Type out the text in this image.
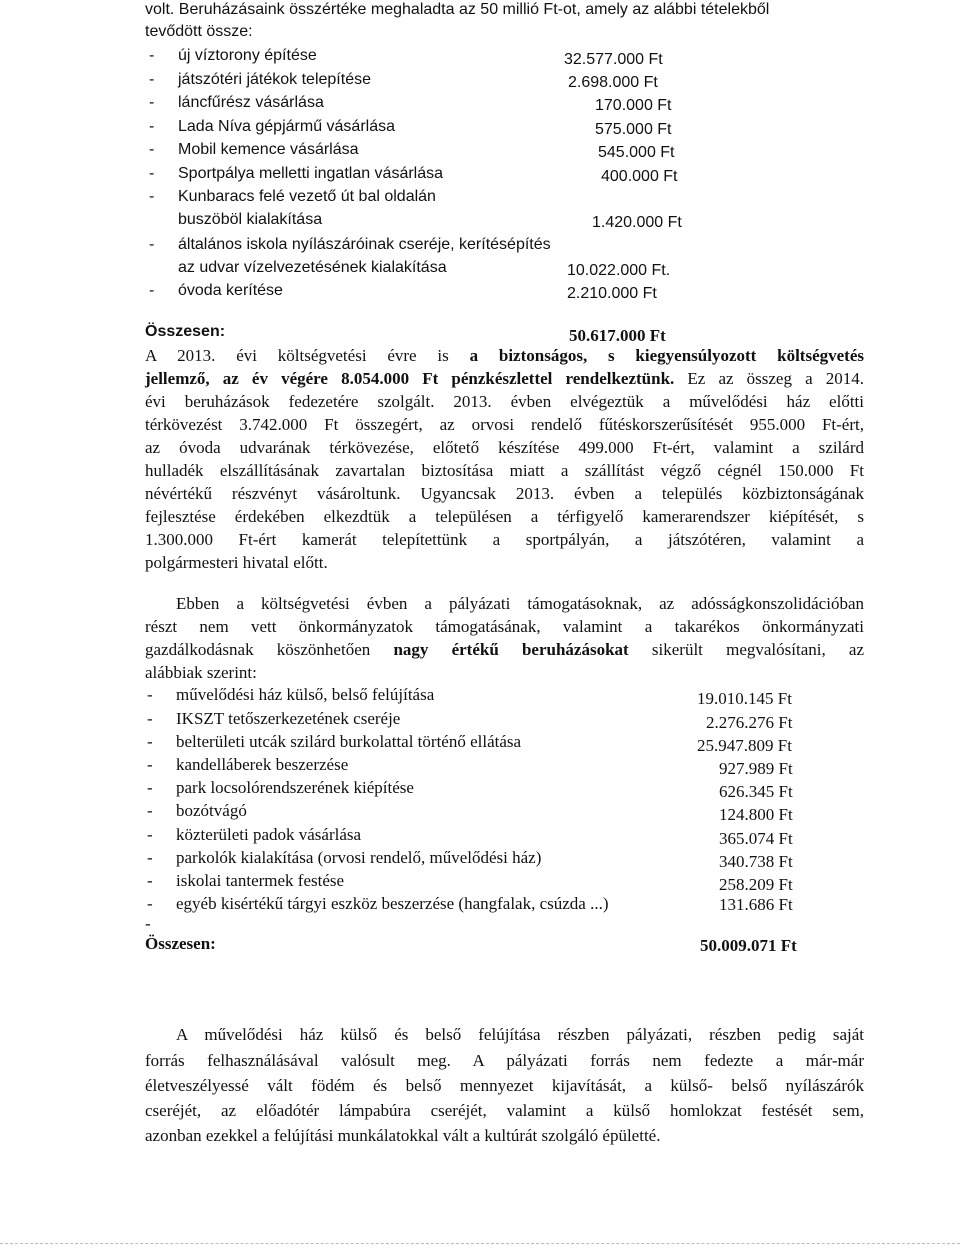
volt. Beruházásaink összértéke meghaladta az 50 millió Ft-ot, amely az alábbi tételekből
tevődött össze:
- új víztorony építése	32.577.000 Ft
- játszótéri játékok telepítése	2.698.000 Ft
- láncfűrész vásárlása	170.000 Ft
- Lada Níva gépjármű vásárlása	575.000 Ft
- Mobil kemence vásárlása	545.000 Ft
- Sportpálya melletti ingatlan vásárlása	400.000 Ft
- Kunbaracs felé vezető út bal oldalán
buszöböl kialakítása	1.420.000 Ft
- általános iskola nyílászáróinak cseréje, kerítésépítés
az udvar vízelvezetésének kialakítása	10.022.000 Ft.
- óvoda kerítése	2.210.000 Ft
Összesen:	50.617.000 Ft
A 2013. évi költségvetési évre is a biztonságos, s kiegyensúlyozott költségvetés
jellemző, az év végére 8.054.000 Ft pénzkészlettel rendelkeztünk. Ez az összeg a 2014.
évi beruházások fedezetére szolgált. 2013. évben elvégeztük a művelődési ház előtti
térkövezést 3.742.000 Ft összegért, az orvosi rendelő fűtéskorszerűsítését 955.000 Ft-ért,
az óvoda udvarának térkövezése, előtető készítése 499.000 Ft-ért, valamint a szilárd
hulladék elszállításának zavartalan biztosítása miatt a szállítást végző cégnél 150.000 Ft
névértékű részvényt vásároltunk. Ugyancsak 2013. évben a település közbiztonságának
fejlesztése érdekében elkezdtük a településen a térfigyelő kamerarendszer kiépítését, s
1.300.000 Ft-ért kamerát telepítettünk a sportpályán, a játszótéren, valamint a
polgármesteri hivatal előtt.
Ebben a költségvetési évben a pályázati támogatásoknak, az adósságkonszolidációban
részt nem vett önkormányzatok támogatásának, valamint a takarékos önkormányzati
gazdálkodásnak köszönhetően nagy értékű beruházásokat sikerült megvalósítani, az
alábbiak szerint:
- művelődési ház külső, belső felújítása	19.010.145 Ft
- IKSZT tetőszerkezetének cseréje	2.276.276 Ft
- belterületi utcák szilárd burkolattal történő ellátása	25.947.809 Ft
- kandelláberek beszerzése	927.989 Ft
- park locsolórendszerének kiépítése	626.345 Ft
- bozótvágó	124.800 Ft
- közterületi padok vásárlása	365.074 Ft
- parkolók kialakítása (orvosi rendelő, művelődési ház)	340.738 Ft
- iskolai tantermek festése	258.209 Ft
- egyéb kisértékű tárgyi eszköz beszerzése (hangfalak, csúzda ...)	131.686 Ft
-
Összesen:	50.009.071 Ft
A művelődési ház külső és belső felújítása részben pályázati, részben pedig saját
forrás felhasználásával valósult meg. A pályázati forrás nem fedezte a már-már
életveszélyessé vált födém és belső mennyezet kijavítását, a külső- belső nyílászárók
cseréjét, az előadótér lámpabúra cseréjét, valamint a külső homlokzat festését sem,
azonban ezekkel a felújítási munkálatokkal vált a kultúrát szolgáló épületté.
